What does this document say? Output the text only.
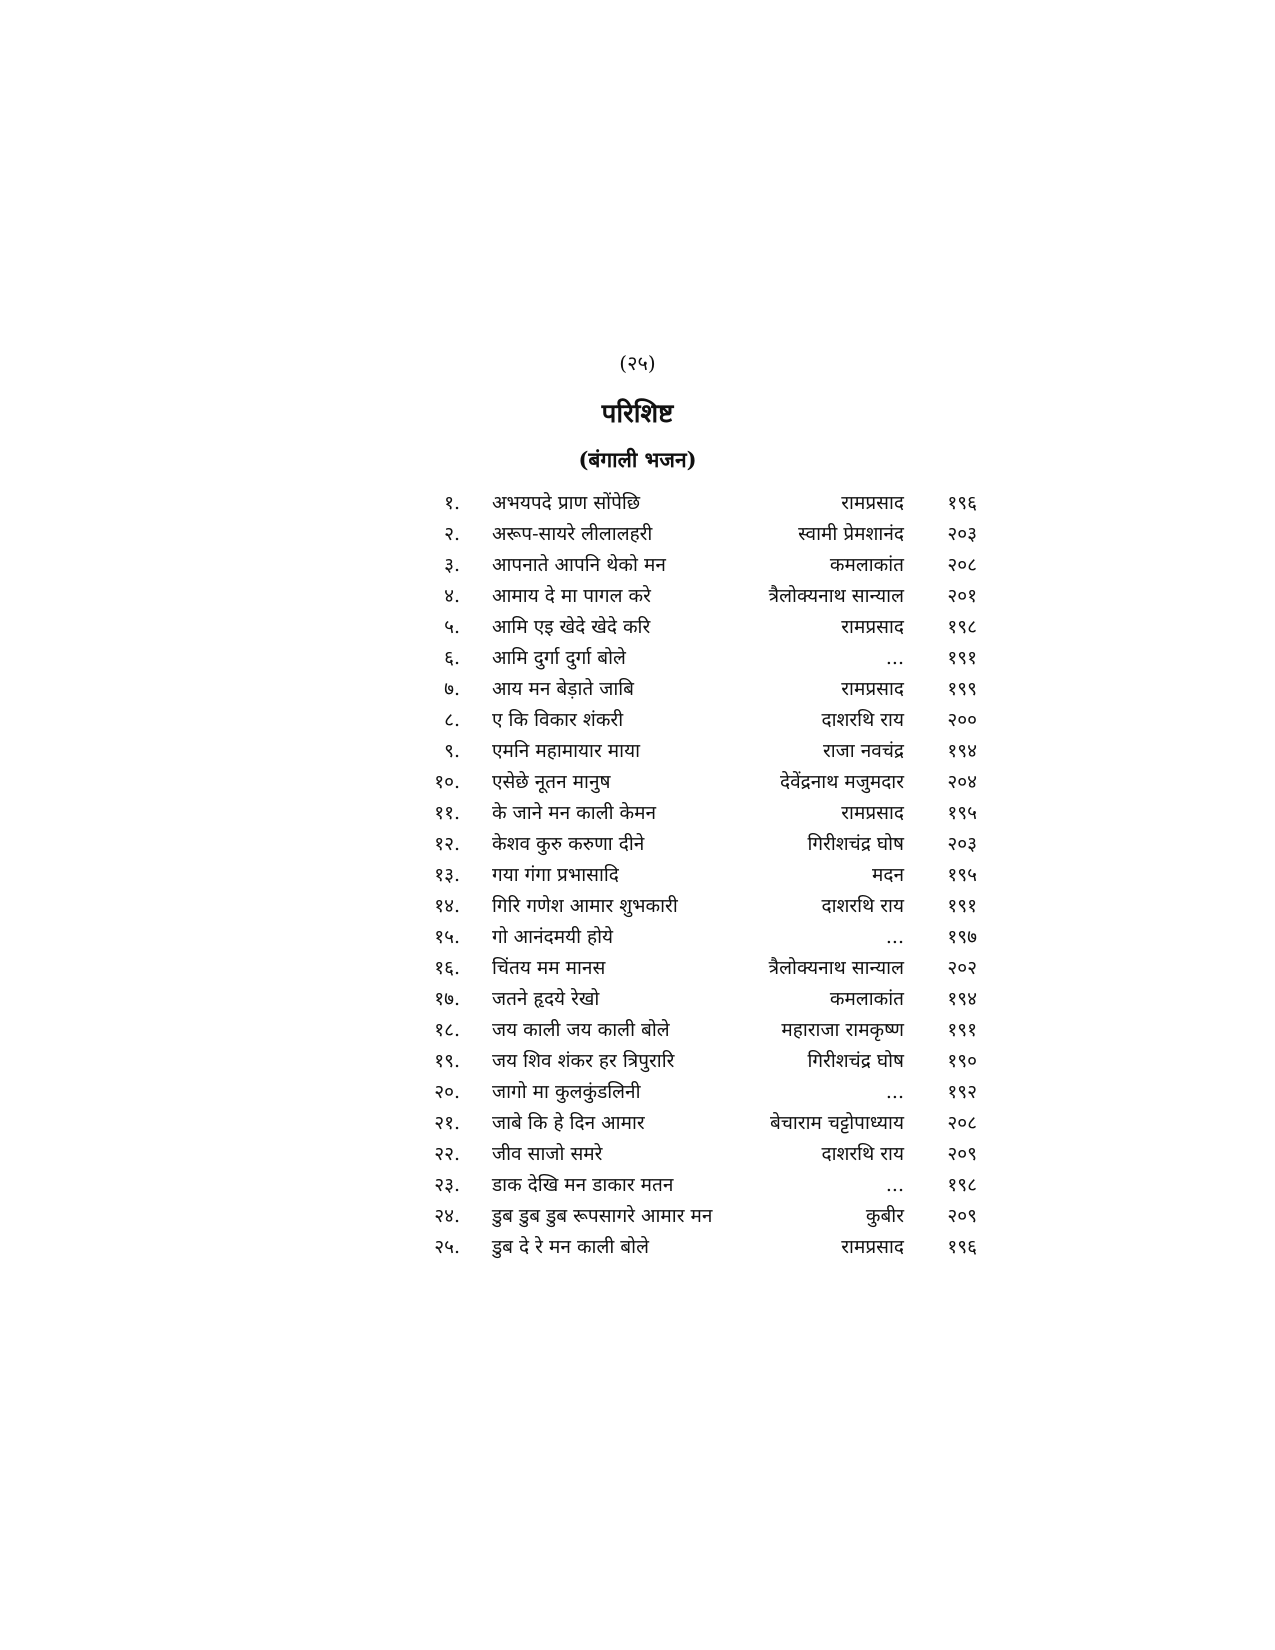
(२५)
परिशिष्ट
(बंगाली भजन)
१. अभयपदे प्राण सोंपेछि	रामप्रसाद १९६
२. अरूप-सायरे लीलालहरी	स्वामी प्रेमशानंद २०३
३. आपनाते आपनि थेको मन	कमलाकांत २०८
४. आमाय दे मा पागल करे	त्रैलोक्यनाथ सान्याल २०१
५. आमि एइ खेदे खेदे करि	रामप्रसाद १९८
६. आमि दुर्गा दुर्गा बोले	... १९१
७. आय मन बेड़ाते जाबि	रामप्रसाद १९९
८. ए कि विकार शंकरी	दाशरथि राय २००
९. एमनि महामायार माया	राजा नवचंद्र १९४
१०. एसेछे नूतन मानुष	देवेंद्रनाथ मजुमदार २०४
११. के जाने मन काली केमन	रामप्रसाद १९५
१२. केशव कुरु करुणा दीने	गिरीशचंद्र घोष २०३
१३. गया गंगा प्रभासादि	मदन १९५
१४. गिरि गणेश आमार शुभकारी	दाशरथि राय १९१
१५. गो आनंदमयी होये	... १९७
१६. चिंतय मम मानस	त्रैलोक्यनाथ सान्याल २०२
१७. जतने हृदये रेखो	कमलाकांत १९४
१८. जय काली जय काली बोले	महाराजा रामकृष्ण १९१
१९. जय शिव शंकर हर त्रिपुरारि	गिरीशचंद्र घोष १९०
२०. जागो मा कुलकुंडलिनी	... १९२
२१. जाबे कि हे दिन आमार	बेचाराम चट्टोपाध्याय २०८
२२. जीव साजो समरे	दाशरथि राय २०९
२३. डाक देखि मन डाकार मतन	... १९८
२४. डुब डुब डुब रूपसागरे आमार मन	कुबीर २०९
२५. डुब दे रे मन काली बोले	रामप्रसाद १९६
